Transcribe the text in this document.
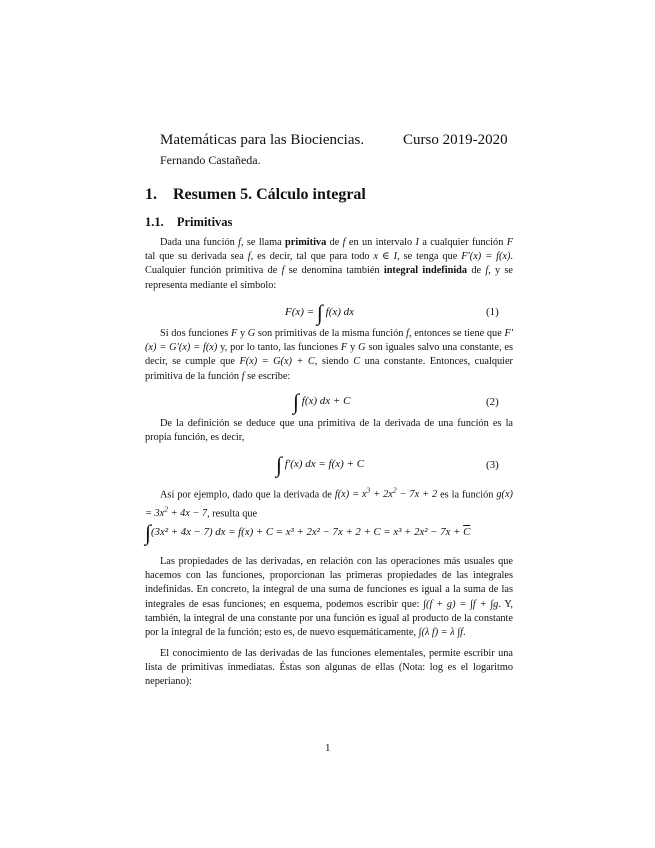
Matemáticas para las Biociencias.	Curso 2019-2020
Fernando Castañeda.
1. Resumen 5. Cálculo integral
1.1. Primitivas
Dada una función f, se llama primitiva de f en un intervalo I a cualquier función F tal que su derivada sea f, es decir, tal que para todo x ∈ I, se tenga que F′(x) = f(x). Cualquier función primitiva de f se denomina también integral indefinida de f, y se representa mediante el símbolo:
F(x) = ∫ f(x) dx	(1)
Si dos funciones F y G son primitivas de la misma función f, entonces se tiene que F′(x) = G′(x) = f(x) y, por lo tanto, las funciones F y G son iguales salvo una constante, es decir, se cumple que F(x) = G(x) + C, siendo C una constante. Entonces, cualquier primitiva de la función f se escribe:
∫ f(x) dx + C	(2)
De la definición se deduce que una primitiva de la derivada de una función es la propia función, es decir,
∫ f′(x) dx = f(x) + C	(3)
Así por ejemplo, dado que la derivada de $f(x) = x^3 + 2x^2 - 7x + 2$ es la función $g(x) = 3x^2 + 4x - 7$, resulta que
∫(3x² + 4x − 7) dx = $f(x) + C = x^3 + 2x^2 - 7x + 2 + C = x^3 + 2x^2 - 7x + \overline{C}$
Las propiedades de las derivadas, en relación con las operaciones más usuales que hacemos con las funciones, proporcionan las primeras propiedades de las integrales indefinidas. En concreto, la integral de una suma de funciones es igual a la suma de las integrales de esas funciones; en esquema, podemos escribir que: ∫(f + g) = ∫f + ∫g. Y, también, la integral de una constante por una función es igual al producto de la constante por la integral de la función; esto es, de nuevo esquemáticamente, ∫(λ f) = λ ∫f.
El conocimiento de las derivadas de las funciones elementales, permite escribir una lista de primitivas inmediatas. Éstas son algunas de ellas (Nota: log es el logaritmo neperiano):
1
